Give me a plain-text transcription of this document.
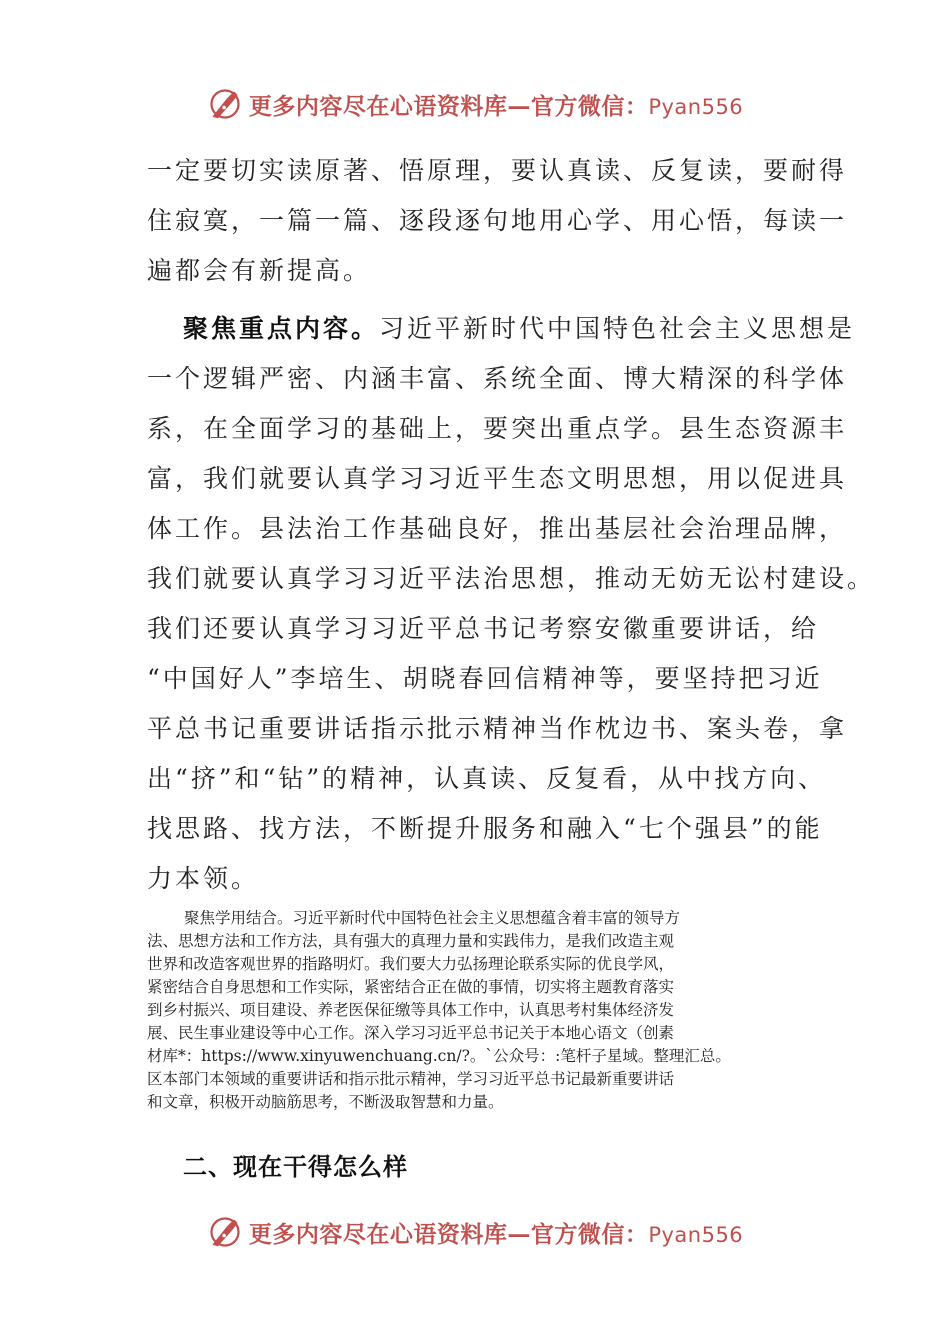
更多内容尽在心语资料库—官方微信：Pyan556
一定要切实读原著、悟原理，要认真读、反复读，要耐得
住寂寞，一篇一篇、逐段逐句地用心学、用心悟，每读一
遍都会有新提高。
聚焦重点内容。习近平新时代中国特色社会主义思想是
一个逻辑严密、内涵丰富、系统全面、博大精深的科学体
系，在全面学习的基础上，要突出重点学。县生态资源丰
富，我们就要认真学习习近平生态文明思想，用以促进具
体工作。县法治工作基础良好，推出基层社会治理品牌，
我们就要认真学习习近平法治思想，推动无妨无讼村建设。
我们还要认真学习习近平总书记考察安徽重要讲话，给
“中国好人”李培生、胡晓春回信精神等，要坚持把习近
平总书记重要讲话指示批示精神当作枕边书、案头卷，拿
出“挤”和“钻”的精神，认真读、反复看，从中找方向、
找思路、找方法，不断提升服务和融入“七个强县”的能
力本领。
聚焦学用结合。习近平新时代中国特色社会主义思想蕴含着丰富的领导方
法、思想方法和工作方法，具有强大的真理力量和实践伟力，是我们改造主观
世界和改造客观世界的指路明灯。我们要大力弘扬理论联系实际的优良学风，
紧密结合自身思想和工作实际，紧密结合正在做的事情，切实将主题教育落实
到乡村振兴、项目建设、养老医保征缴等具体工作中，认真思考村集体经济发
展、民生事业建设等中心工作。深入学习习近平总书记关于本地心语文（创素
材库*：https://www.xinyuwenchuang.cn/?。`公众号：:笔杆子星域。整理汇总。
区本部门本领域的重要讲话和指示批示精神，学习习近平总书记最新重要讲话
和文章，积极开动脑筋思考，不断汲取智慧和力量。
二、现在干得怎么样
更多内容尽在心语资料库—官方微信：Pyan556
